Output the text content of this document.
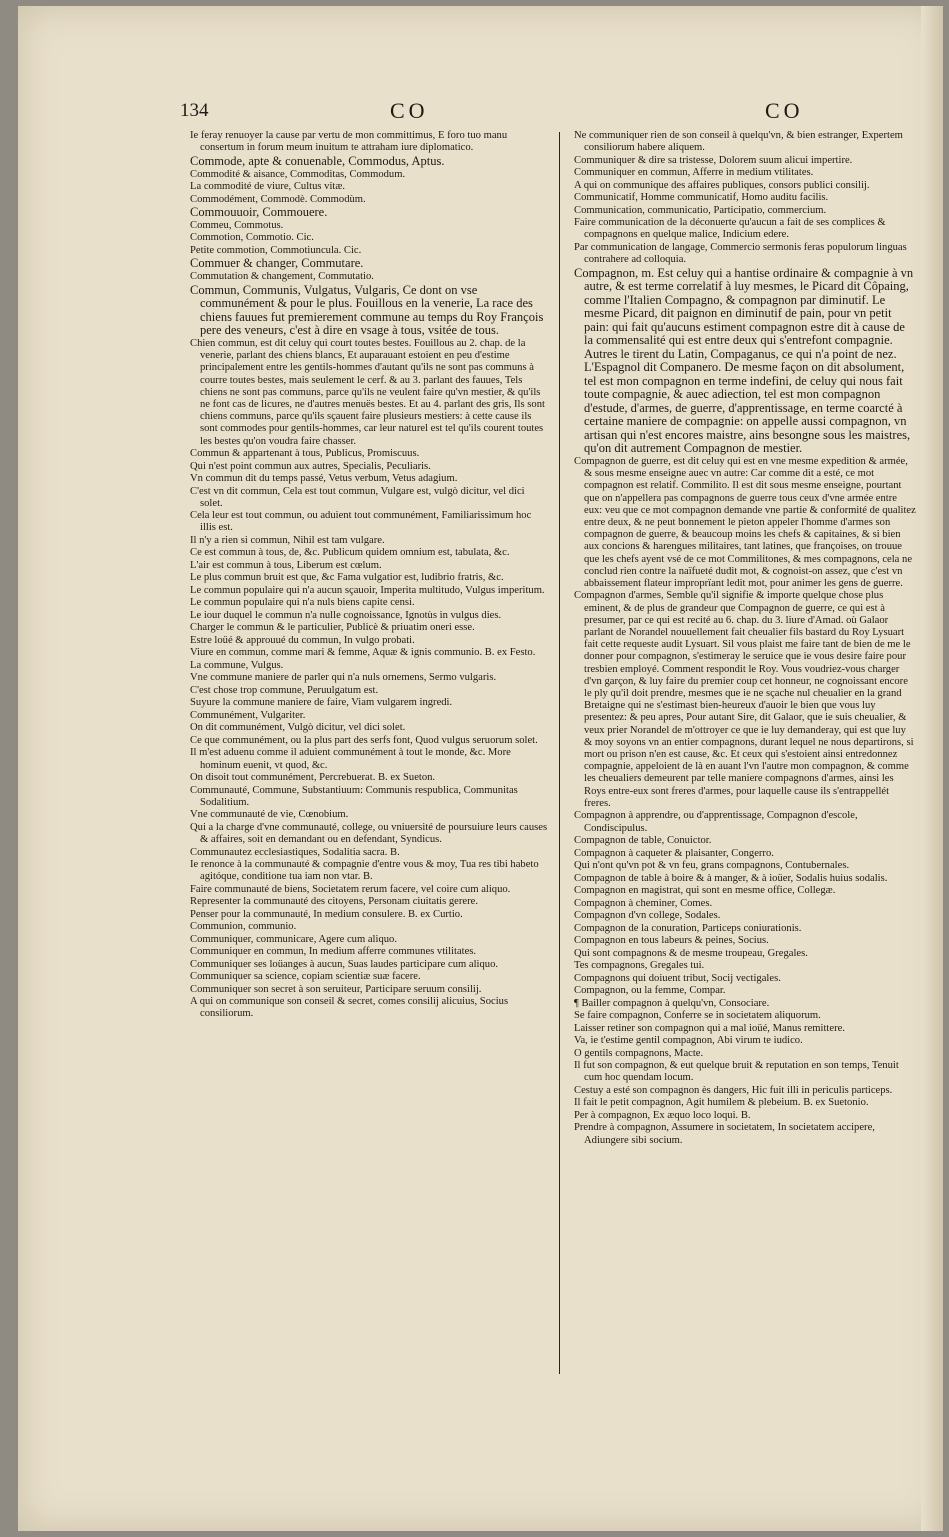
134	CO	CO

Ie feray renuoyer la cause par vertu de mon committimus, E foro tuo manu consertum in forum meum inuitum te attraham iure diplomatico.

Commode, apte & conuenable, Commodus, Aptus.

Commodité & aisance, Commoditas, Commodum.

La commodité de viure, Cultus vitæ.

Commodément, Commodè. Commodùm.

Commouuoir, Commouere.

Commeu, Commotus.

Commotion, Commotio. Cic.

Petite commotion, Commotiuncula. Cic.

Commuer & changer, Commutare.

Commutation & changement, Commutatio.

Commun, Communis, Vulgatus, Vulgaris, Ce dont on vse communément & pour le plus. Fouillous en la venerie, La race des chiens fauues fut premierement commune au temps du Roy François pere des veneurs, c'est à dire en vsage à tous, vsitée de tous.

Chien commun, est dit celuy qui court toutes bestes. Fouillous au 2. chap. de la venerie, parlant des chiens blancs, Et auparauant estoient en peu d'estime principalement entre les gentils-hommes d'autant qu'ils ne sont pas communs à courre toutes bestes, mais seulement le cerf. & au 3. parlant des fauues, Tels chiens ne sont pas communs, parce qu'ils ne veulent faire qu'vn mestier, & qu'ils ne font cas de licures, ne d'autres menuës bestes. Et au 4. parlant des gris, Ils sont chiens communs, parce qu'ils sçauent faire plusieurs mestiers: à cette cause ils sont commodes pour gentils-hommes, car leur naturel est tel qu'ils courent toutes les bestes qu'on voudra faire chasser.

Commun & appartenant à tous, Publicus, Promiscuus.

Qui n'est point commun aux autres, Specialis, Peculiaris.

Vn commun dit du temps passé, Vetus verbum, Vetus adagium.

C'est vn dit commun, Cela est tout commun, Vulgare est, vulgò dicitur, vel dici solet.

Cela leur est tout commun, ou aduient tout communément, Familiarissimum hoc illis est.

Il n'y a rien si commun, Nihil est tam vulgare.

Ce est commun à tous, de, &c. Publicum quidem omnium est, tabulata, &c.

L'air est commun à tous, Liberum est cœlum.

Le plus commun bruit est que, &c Fama vulgatior est, ludibrio fratris, &c.

Le commun populaire qui n'a aucun sçauoir, Imperita multitudo, Vulgus imperitum.

Le commun populaire qui n'a nuls biens capite censi.

Le iour duquel le commun n'a nulle cognoissance, Ignotùs in vulgus dies.

Charger le commun & le particulier, Publicè & priuatim oneri esse.

Estre loüé & approuué du commun, In vulgo probati.

Viure en commun, comme mari & femme, Aquæ & ignis communio. B. ex Festo.

La commune, Vulgus.

Vne commune maniere de parler qui n'a nuls ornemens, Sermo vulgaris.

C'est chose trop commune, Peruulgatum est.

Suyure la commune maniere de faire, Viam vulgarem ingredi.

Communément, Vulgariter.

On dit communément, Vulgò dicitur, vel dici solet.

Ce que communément, ou la plus part des serfs font, Quod vulgus seruorum solet.

Il m'est aduenu comme il aduient communément à tout le monde, &c. More hominum euenit, vt quod, &c.

On disoit tout communément, Percrebuerat. B. ex Sueton.

Communauté, Commune, Substantiuum: Communis respublica, Communitas Sodalitium.

Vne communauté de vie, Cœnobium.

Qui a la charge d'vne communauté, college, ou vniuersité de poursuiure leurs causes & affaires, soit en demandant ou en defendant, Syndicus.

Communautez ecclesiastiques, Sodalitia sacra. B.

Ie renonce à la communauté & compagnie d'entre vous & moy, Tua res tibi habeto agitóque, conditione tua iam non vtar. B.

Faire communauté de biens, Societatem rerum facere, vel coire cum aliquo.

Representer la communauté des citoyens, Personam ciuitatis gerere.

Penser pour la communauté, In medium consulere. B. ex Curtio.

Communion, communio.

Communiquer, communicare, Agere cum aliquo.

Communiquer en commun, In medium afferre communes vtilitates.

Communiquer ses loüanges à aucun, Suas laudes participare cum aliquo.

Communiquer sa science, copiam scientiæ suæ facere.

Communiquer son secret à son seruiteur, Participare seruum consilij.

A qui on communique son conseil & secret, comes consilij alicuius, Socius consiliorum.

Ne communiquer rien de son conseil à quelqu'vn, & bien estranger, Expertem consiliorum habere aliquem.

Communiquer & dire sa tristesse, Dolorem suum alicui impertire.

Communiquer en commun, Afferre in medium vtilitates.

A qui on communique des affaires publiques, consors publici consilij.

Communicatif, Homme communicatif, Homo auditu facilis.

Communication, communicatio, Participatio, commercium.

Faire communication de la déconuerte qu'aucun a fait de ses complices & compagnons en quelque malice, Indicium edere.

Par communication de langage, Commercio sermonis feras populorum linguas contrahere ad colloquia.

Compagnon, m. Est celuy qui a hantise ordinaire & compagnie à vn autre, & est terme correlatif à luy mesmes, le Picard dit Côpaing, comme l'Italien Compagno, & compagnon par diminutif. Le mesme Picard, dit paignon en diminutif de pain, pour vn petit pain: qui fait qu'aucuns estiment compagnon estre dit à cause de la commensalité qui est entre deux qui s'entrefont compagnie. Autres le tirent du Latin, Compaganus, ce qui n'a point de nez. L'Espagnol dit Companero. De mesme façon on dit absolument, tel est mon compagnon en terme indefini, de celuy qui nous fait toute compagnie, & auec adiection, tel est mon compagnon d'estude, d'armes, de guerre, d'apprentissage, en terme coarcté à certaine maniere de compagnie: on appelle aussi compagnon, vn artisan qui n'est encores maistre, ains besongne sous les maistres, qu'on dit autrement Compagnon de mestier.

Compagnon de guerre, est dit celuy qui est en vne mesme expedition & armée, & sous mesme enseigne auec vn autre: Car comme dit a esté, ce mot compagnon est relatif. Commilito. Il est dit sous mesme enseigne, pourtant que on n'appellera pas compagnons de guerre tous ceux d'vne armée entre eux: veu que ce mot compagnon demande vne partie & conformité de qualitez entre deux, & ne peut bonnement le pieton appeler l'homme d'armes son compagnon de guerre, & beaucoup moins les chefs & capitaines, & si bien aux concions & harengues militaires, tant latines, que françoises, on trouue que les chefs ayent vsé de ce mot Commilitones, & mes compagnons, cela ne conclud rien contre la naïfueté dudit mot, & cognoist-on assez, que c'est vn abbaissement flateur improprïant ledit mot, pour animer les gens de guerre.

Compagnon d'armes, Semble qu'il signifie & importe quelque chose plus eminent, & de plus de grandeur que Compagnon de guerre, ce qui est à presumer, par ce qui est recité au 6. chap. du 3. liure d'Amad. où Galaor parlant de Norandel nouuellement fait cheualier fils bastard du Roy Lysuart fait cette requeste audit Lysuart. Sil vous plaist me faire tant de bien de me le donner pour compagnon, s'estimeray le seruice que ie vous desire faire pour tresbien employé. Comment respondit le Roy. Vous voudriez-vous charger d'vn garçon, & luy faire du premier coup cet honneur, ne cognoissant encore le ply qu'il doit prendre, mesmes que ie ne sçache nul cheualier en la grand Bretaigne qui ne s'estimast bien-heureux d'auoir le bien que vous luy presentez: & peu apres, Pour autant Sire, dit Galaor, que ie suis cheualier, & veux prier Norandel de m'ottroyer ce que ie luy demanderay, qui est que luy & moy soyons vn an entier compagnons, durant lequel ne nous departirons, si mort ou prison n'en est cause, &c. Et ceux qui s'estoient ainsi entredonnez compagnie, appeloient de là en auant l'vn l'autre mon compagnon, & comme les cheualiers demeurent par telle maniere compagnons d'armes, ainsi les Roys entre-eux sont freres d'armes, pour laquelle cause ils s'entrappellét freres.

Compagnon à apprendre, ou d'apprentissage, Compagnon d'escole, Condiscipulus.

Compagnon de table, Conuictor.

Compagnon à caqueter & plaisanter, Congerro.

Qui n'ont qu'vn pot & vn feu, grans compagnons, Contubernales.

Compagnon de table à boire & à manger, & à ioüer, Sodalis huius sodalis.

Compagnon en magistrat, qui sont en mesme office, Collegæ.

Compagnon à cheminer, Comes.

Compagnon d'vn college, Sodales.

Compagnon de la conuration, Particeps coniurationis.

Compagnon en tous labeurs & peines, Socius.

Qui sont compagnons & de mesme troupeau, Gregales.

Tes compagnons, Gregales tui.

Compagnons qui doiuent tribut, Socij vectigales.

Compagnon, ou la femme, Compar.

¶ Bailler compagnon à quelqu'vn, Consociare.

Se faire compagnon, Conferre se in societatem aliquorum.

Laisser retiner son compagnon qui a mal ioüé, Manus remittere.

Va, ie t'estime gentil compagnon, Abi virum te iudico.

O gentils compagnons, Macte.

Il fut son compagnon, & eut quelque bruit & reputation en son temps, Tenuit cum hoc quendam locum.

Cestuy a esté son compagnon ès dangers, Hic fuit illi in periculis particeps.

Il fait le petit compagnon, Agit humilem & plebeium. B. ex Suetonio.

Per à compagnon, Ex æquo loco loqui. B.

Prendre à compagnon, Assumere in societatem, In societatem accipere, Adiungere sibi socium.
